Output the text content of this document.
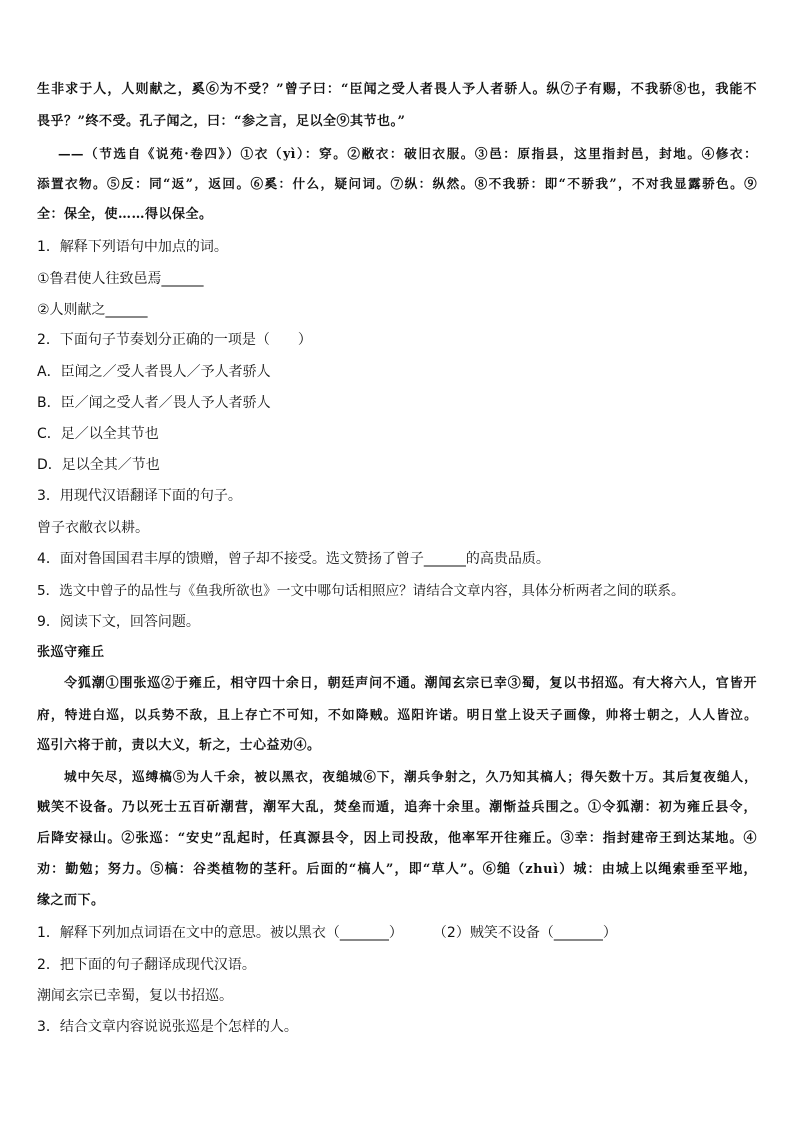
生非求于人，人则献之，奚⑥为不受？”曾子曰：“臣闻之受人者畏人予人者骄人。纵⑦子有赐，不我骄⑧也，我能不
畏乎？”终不受。孔子闻之，曰：“参之言，足以全⑨其节也。”
——（节选自《说苑·卷四》）①衣（yì）：穿。②敝衣：破旧衣服。③邑：原指县，这里指封邑，封地。④修衣：
添置衣物。⑤反：同“返”，返回。⑥奚：什么，疑问词。⑦纵：纵然。⑧不我骄：即“不骄我”，不对我显露骄色。⑨
全：保全，使……得以保全。
1．解释下列语句中加点的词。
①鲁君使人往致邑焉______
②人则献之______
2．下面句子节奏划分正确的一项是（　　）
A．臣闻之／受人者畏人／予人者骄人
B．臣／闻之受人者／畏人予人者骄人
C．足／以全其节也
D．足以全其／节也
3．用现代汉语翻译下面的句子。
曾子衣敝衣以耕。
4．面对鲁国国君丰厚的馈赠，曾子却不接受。选文赞扬了曾子______的高贵品质。
5．选文中曾子的品性与《鱼我所欲也》一文中哪句话相照应？请结合文章内容，具体分析两者之间的联系。
9．阅读下文，回答问题。
张巡守雍丘
令狐潮①围张巡②于雍丘，相守四十余日，朝廷声问不通。潮闻玄宗已幸③蜀，复以书招巡。有大将六人，官皆开
府，特进白巡，以兵势不敌，且上存亡不可知，不如降贼。巡阳许诺。明日堂上设天子画像，帅将士朝之，人人皆泣。
巡引六将于前，责以大义，斩之，士心益劝④。
城中矢尽，巡缚槁⑤为人千余，被以黑衣，夜缒城⑥下，潮兵争射之，久乃知其槁人；得矢数十万。其后复夜缒人，
贼笑不设备。乃以死士五百斫潮营，潮军大乱，焚垒而遁，追奔十余里。潮惭益兵围之。①令狐潮：初为雍丘县令，
后降安禄山。②张巡：“安史”乱起时，任真源县令，因上司投敌，他率军开往雍丘。③幸：指封建帝王到达某地。④
劝：勤勉；努力。⑤槁：谷类植物的茎秆。后面的“槁人”，即“草人”。⑥缒（zhuì）城：由城上以绳索垂至平地，
缘之而下。
1．解释下列加点词语在文中的意思。被以黑衣（_______） （2）贼笑不设备（_______）
2．把下面的句子翻译成现代汉语。
潮闻玄宗已幸蜀，复以书招巡。
3．结合文章内容说说张巡是个怎样的人。
